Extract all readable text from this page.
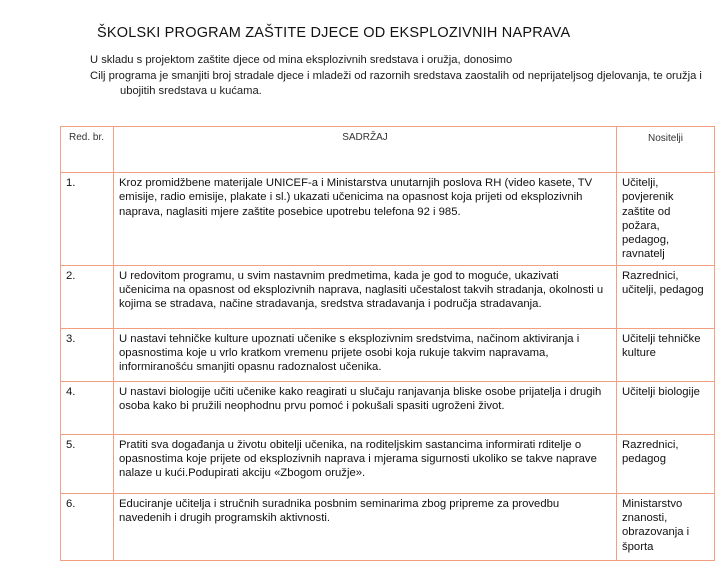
ŠKOLSKI PROGRAM ZAŠTITE DJECE OD EKSPLOZIVNIH NAPRAVA

U skladu s projektom zaštite djece od mina eksplozivnih sredstava i oružja, donosimo

Cilj programa je smanjiti broj stradale djece i mladeži od razornih sredstava zaostalih od neprijateljsog djelovanja, te oružja i

ubojitih sredstava u kućama.

Red. br.	SADRŽAJ	Nositelji
1.	Kroz promidžbene materijale UNICEF-a i Ministarstva unutarnjih poslova RH (video kasete, TV emisije, radio emisije, plakate i sl.) ukazati učenicima na opasnost koja prijeti od eksplozivnih naprava, naglasiti mjere zaštite posebice upotrebu telefona 92 i 985.	Učitelji, povjerenik zaštite od požara, pedagog, ravnatelj
2.	U redovitom programu, u svim nastavnim predmetima, kada je god to moguće, ukazivati učenicima na opasnost od eksplozivnih naprava, naglasiti učestalost takvih stradanja, okolnosti u kojima se stradava, načine stradavanja, sredstva stradavanja i područja stradavanja.	Razrednici, učitelji, pedagog
3.	U nastavi tehničke kulture upoznati učenike s eksplozivnim sredstvima, načinom aktiviranja i opasnostima koje u vrlo kratkom vremenu prijete osobi koja rukuje takvim napravama, informiranošću smanjiti opasnu radoznalost učenika.	Učitelji tehničke kulture
4.	U nastavi biologije učiti učenike kako reagirati u slučaju ranjavanja bliske osobe prijatelja i drugih osoba kako bi pružili neophodnu prvu pomoć i pokušali spasiti ugroženi život.	Učitelji biologije
5.	Pratiti sva događanja u životu obitelji učenika, na roditeljskim sastancima informirati rditelje o opasnostima koje prijete od eksplozivnih naprava i mjerama sigurnosti ukoliko se takve naprave nalaze u kući.Podupirati akciju «Zbogom oružje».	Razrednici, pedagog
6.	Educiranje učitelja i stručnih suradnika posbnim seminarima zbog pripreme za provedbu navedenih i drugih programskih aktivnosti.	Ministarstvo znanosti, obrazovanja i športa
